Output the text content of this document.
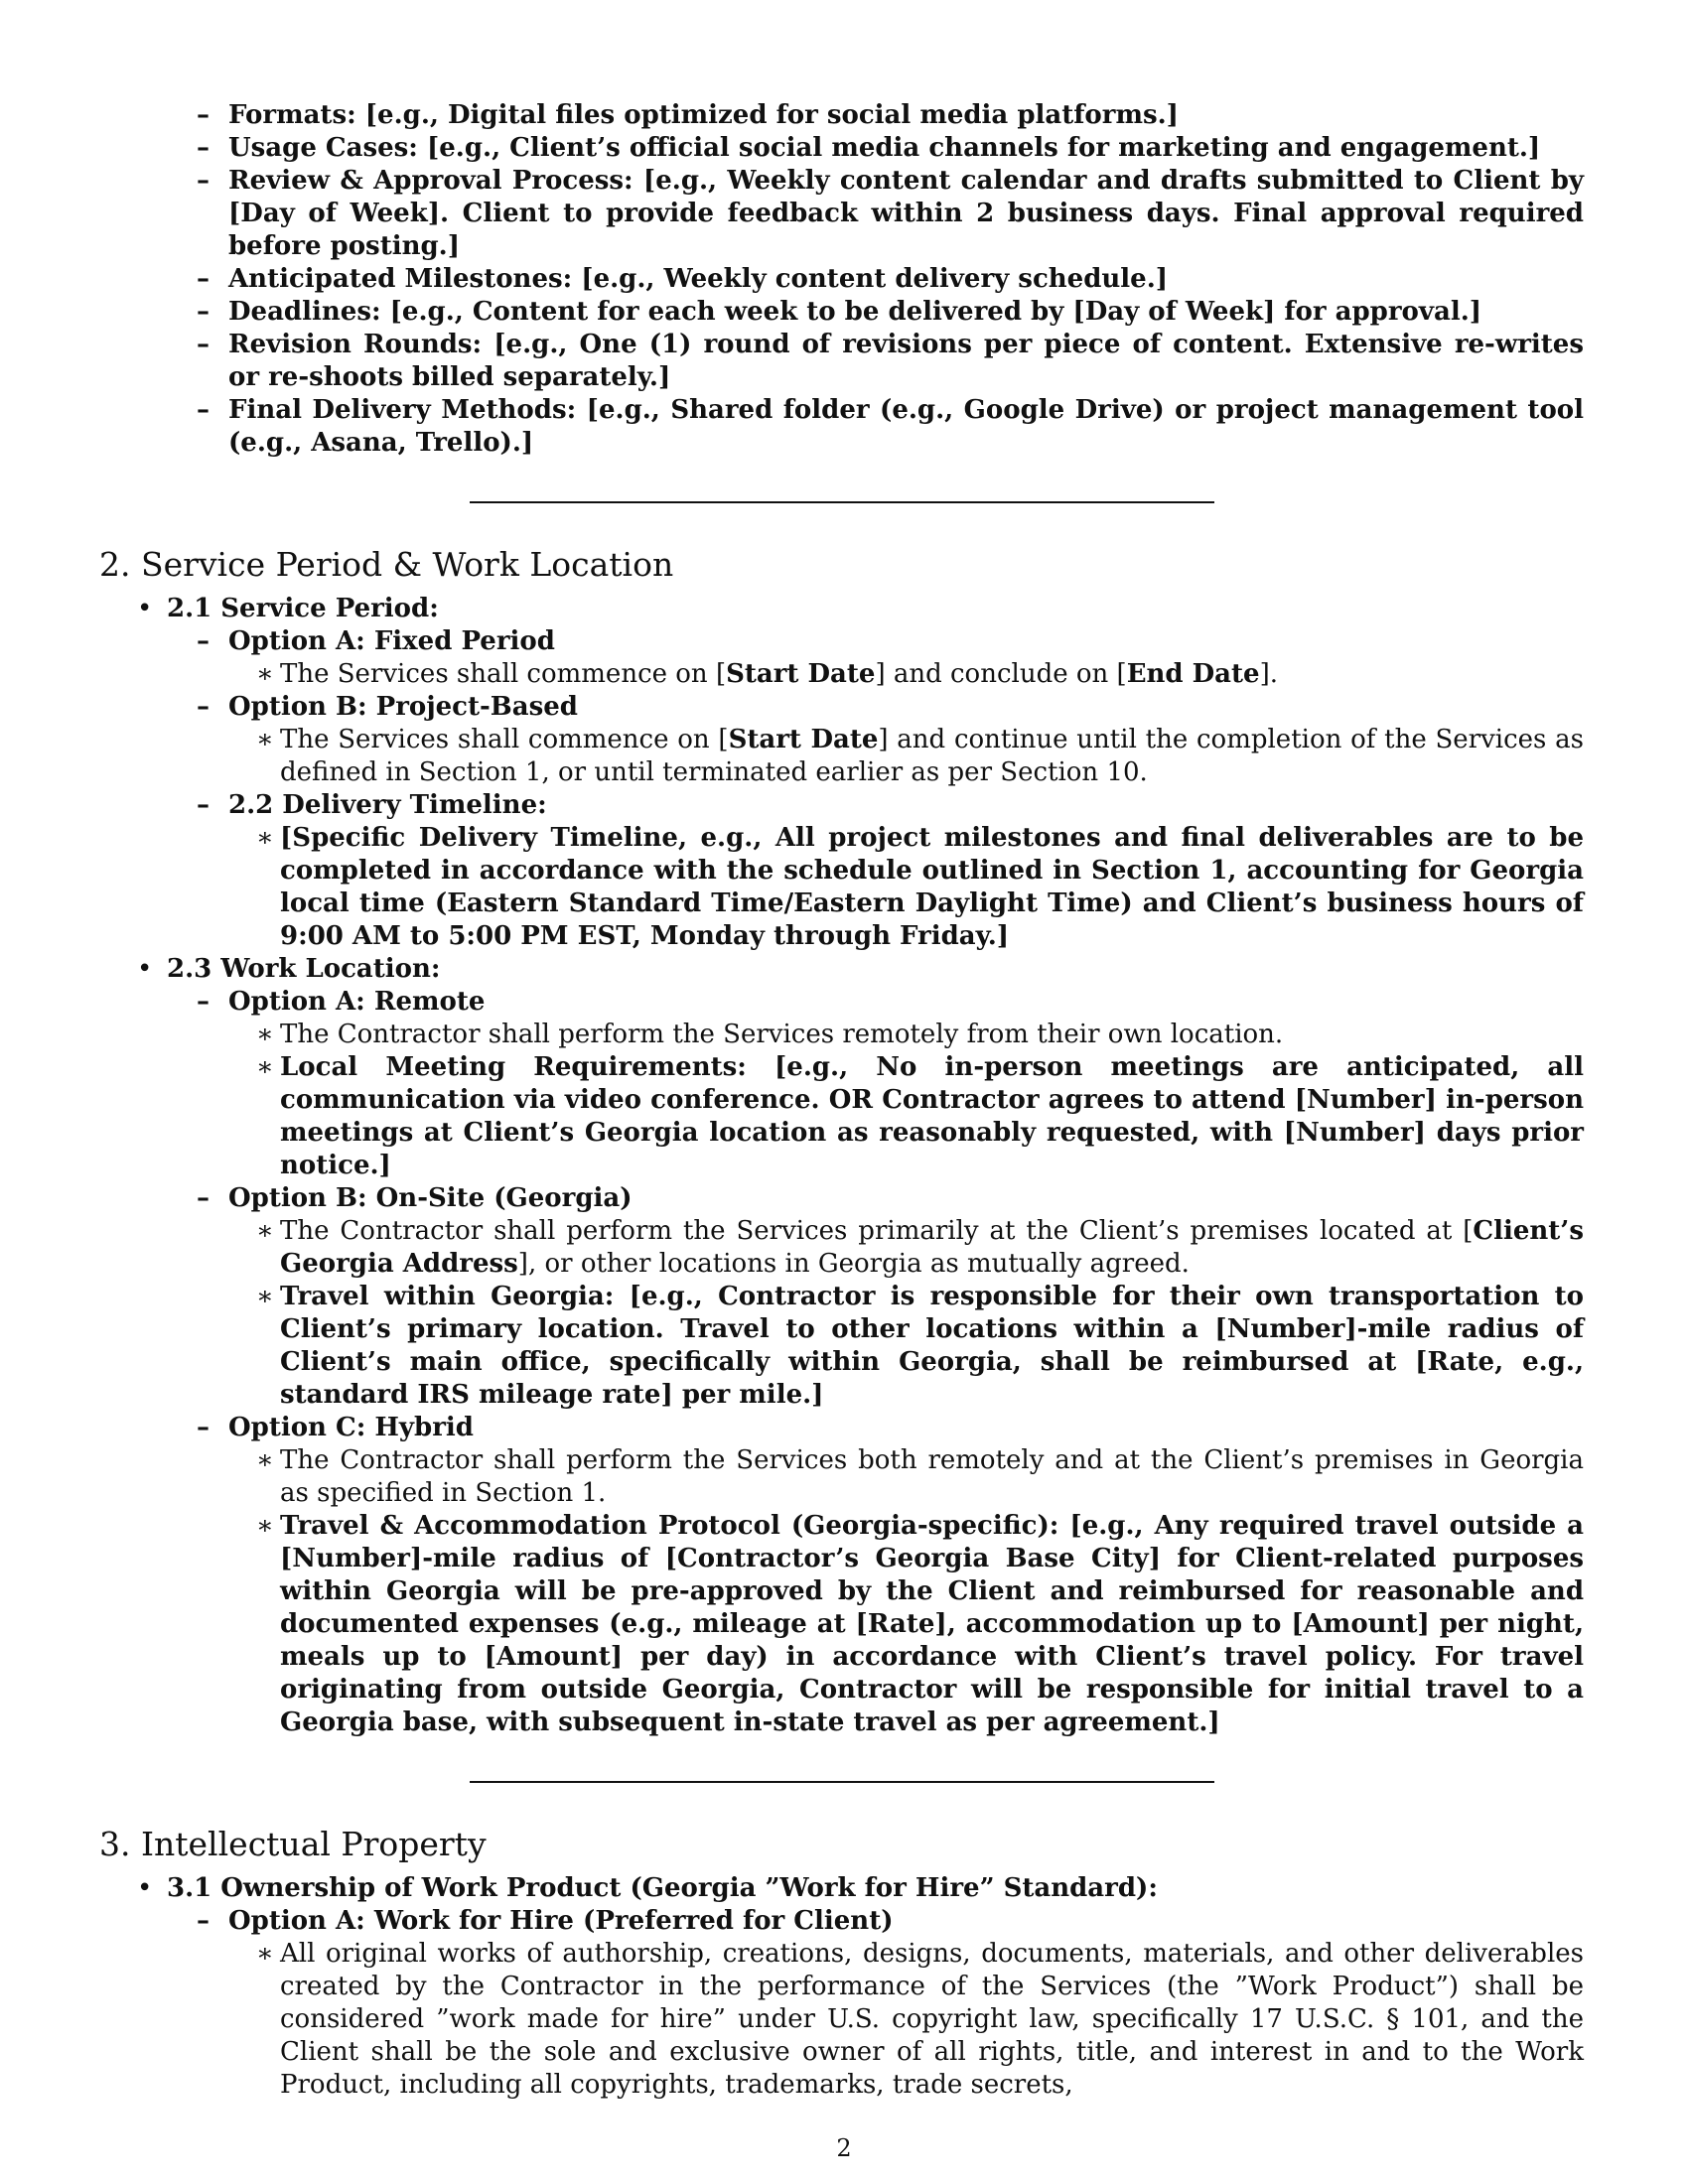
– Formats: [e.g., Digital files optimized for social media platforms.]
– Usage Cases: [e.g., Client’s official social media channels for marketing and engagement.]
– Review & Approval Process: [e.g., Weekly content calendar and drafts submitted to Client by [Day of Week]. Client to provide feedback within 2 business days. Final approval required before posting.]
– Anticipated Milestones: [e.g., Weekly content delivery schedule.]
– Deadlines: [e.g., Content for each week to be delivered by [Day of Week] for approval.]
– Revision Rounds: [e.g., One (1) round of revisions per piece of content. Extensive re-writes or re-shoots billed separately.]
– Final Delivery Methods: [e.g., Shared folder (e.g., Google Drive) or project management tool (e.g., Asana, Trello).]
2. Service Period & Work Location
• 2.1 Service Period:
– Option A: Fixed Period
∗ The Services shall commence on [Start Date] and conclude on [End Date].
– Option B: Project-Based
∗ The Services shall commence on [Start Date] and continue until the completion of the Services as defined in Section 1, or until terminated earlier as per Section 10.
– 2.2 Delivery Timeline:
∗ [Specific Delivery Timeline, e.g., All project milestones and final deliverables are to be completed in accordance with the schedule outlined in Section 1, accounting for Georgia local time (Eastern Standard Time/Eastern Daylight Time) and Client’s business hours of 9:00 AM to 5:00 PM EST, Monday through Friday.]
• 2.3 Work Location:
– Option A: Remote
∗ The Contractor shall perform the Services remotely from their own location.
∗ Local Meeting Requirements: [e.g., No in-person meetings are anticipated, all communication via video conference. OR Contractor agrees to attend [Number] in-person meetings at Client’s Georgia location as reasonably requested, with [Number] days prior notice.]
– Option B: On-Site (Georgia)
∗ The Contractor shall perform the Services primarily at the Client’s premises located at [Client’s Georgia Address], or other locations in Georgia as mutually agreed.
∗ Travel within Georgia: [e.g., Contractor is responsible for their own transportation to Client’s primary location. Travel to other locations within a [Number]-mile radius of Client’s main office, specifically within Georgia, shall be reimbursed at [Rate, e.g., standard IRS mileage rate] per mile.]
– Option C: Hybrid
∗ The Contractor shall perform the Services both remotely and at the Client’s premises in Georgia as specified in Section 1.
∗ Travel & Accommodation Protocol (Georgia-specific): [e.g., Any required travel outside a [Number]-mile radius of [Contractor’s Georgia Base City] for Client-related purposes within Georgia will be pre-approved by the Client and reimbursed for reasonable and documented expenses (e.g., mileage at [Rate], accommodation up to [Amount] per night, meals up to [Amount] per day) in accordance with Client’s travel policy. For travel originating from outside Georgia, Contractor will be responsible for initial travel to a Georgia base, with subsequent in-state travel as per agreement.]
3. Intellectual Property
• 3.1 Ownership of Work Product (Georgia ”Work for Hire” Standard):
– Option A: Work for Hire (Preferred for Client)
∗ All original works of authorship, creations, designs, documents, materials, and other deliverables created by the Contractor in the performance of the Services (the ”Work Product”) shall be considered ”work made for hire” under U.S. copyright law, specifically 17 U.S.C. § 101, and the Client shall be the sole and exclusive owner of all rights, title, and interest in and to the Work Product, including all copyrights, trademarks, trade secrets,
2
